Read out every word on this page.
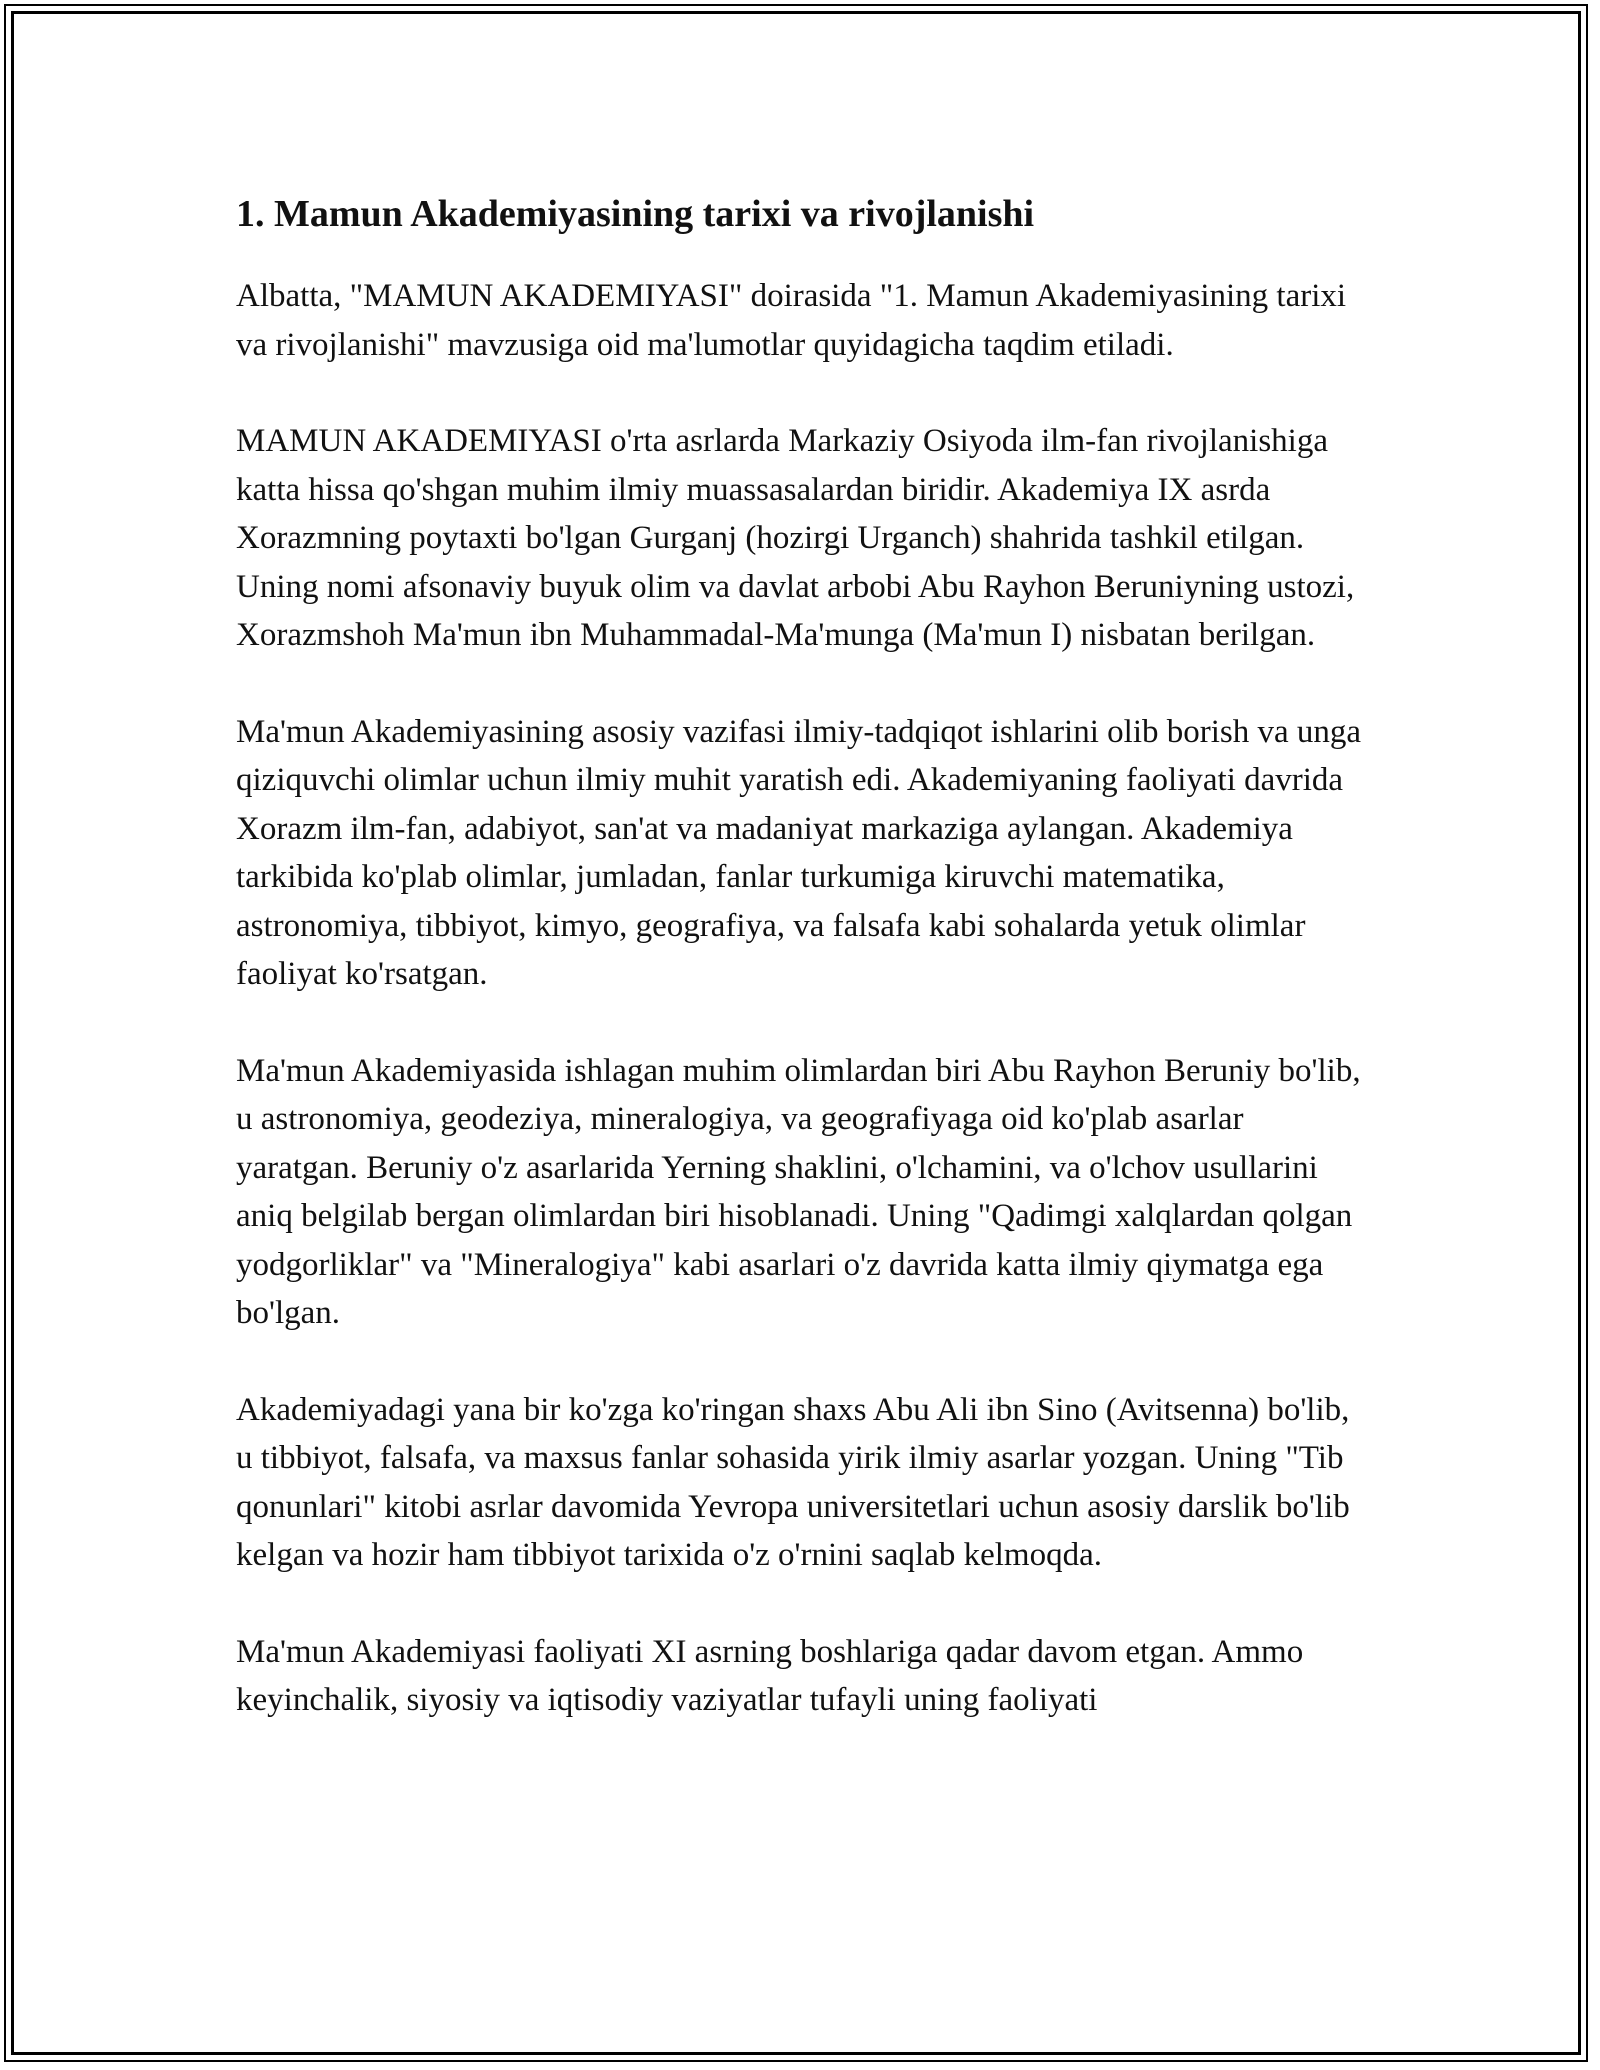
1. Mamun Akademiyasining tarixi va rivojlanishi

Albatta, "MAMUN AKADEMIYASI" doirasida "1. Mamun Akademiyasining tarixi va rivojlanishi" mavzusiga oid ma'lumotlar quyidagicha taqdim etiladi.

MAMUN AKADEMIYASI o'rta asrlarda Markaziy Osiyoda ilm-fan rivojlanishiga katta hissa qo'shgan muhim ilmiy muassasalardan biridir. Akademiya IX asrda Xorazmning poytaxti bo'lgan Gurganj (hozirgi Urganch) shahrida tashkil etilgan. Uning nomi afsonaviy buyuk olim va davlat arbobi Abu Rayhon Beruniyning ustozi, Xorazmshoh Ma'mun ibn Muhammadal-Ma'munga (Ma'mun I) nisbatan berilgan.

Ma'mun Akademiyasining asosiy vazifasi ilmiy-tadqiqot ishlarini olib borish va unga qiziquvchi olimlar uchun ilmiy muhit yaratish edi. Akademiyaning faoliyati davrida Xorazm ilm-fan, adabiyot, san'at va madaniyat markaziga aylangan. Akademiya tarkibida ko'plab olimlar, jumladan, fanlar turkumiga kiruvchi matematika, astronomiya, tibbiyot, kimyo, geografiya, va falsafa kabi sohalarda yetuk olimlar faoliyat ko'rsatgan.

Ma'mun Akademiyasida ishlagan muhim olimlardan biri Abu Rayhon Beruniy bo'lib, u astronomiya, geodeziya, mineralogiya, va geografiyaga oid ko'plab asarlar yaratgan. Beruniy o'z asarlarida Yerning shaklini, o'lchamini, va o'lchov usullarini aniq belgilab bergan olimlardan biri hisoblanadi. Uning "Qadimgi xalqlardan qolgan yodgorliklar" va "Mineralogiya" kabi asarlari o'z davrida katta ilmiy qiymatga ega bo'lgan.

Akademiyadagi yana bir ko'zga ko'ringan shaxs Abu Ali ibn Sino (Avitsenna) bo'lib, u tibbiyot, falsafa, va maxsus fanlar sohasida yirik ilmiy asarlar yozgan. Uning "Tib qonunlari" kitobi asrlar davomida Yevropa universitetlari uchun asosiy darslik bo'lib kelgan va hozir ham tibbiyot tarixida o'z o'rnini saqlab kelmoqda.

Ma'mun Akademiyasi faoliyati XI asrning boshlariga qadar davom etgan. Ammo keyinchalik, siyosiy va iqtisodiy vaziyatlar tufayli uning faoliyati
